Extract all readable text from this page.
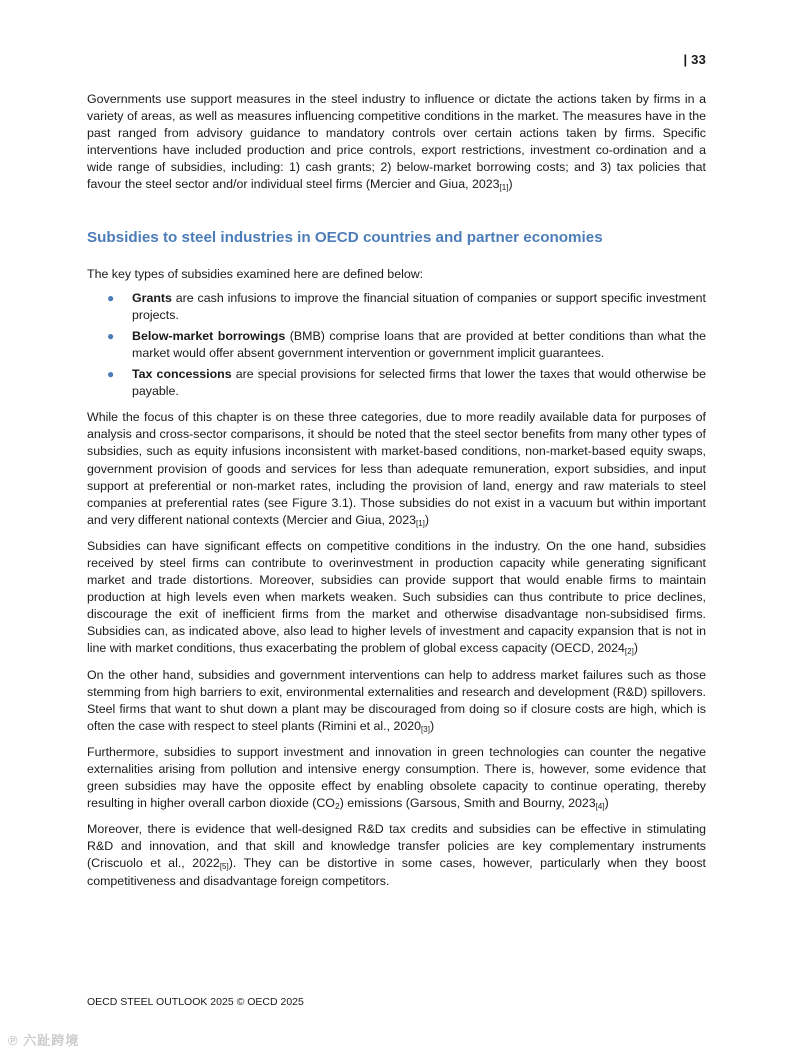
| 33

Governments use support measures in the steel industry to influence or dictate the actions taken by firms in a variety of areas, as well as measures influencing competitive conditions in the market. The measures have in the past ranged from advisory guidance to mandatory controls over certain actions taken by firms. Specific interventions have included production and price controls, export restrictions, investment co-ordination and a wide range of subsidies, including: 1) cash grants; 2) below-market borrowing costs; and 3) tax policies that favour the steel sector and/or individual steel firms (Mercier and Giua, $2023_{[1]}$)

Subsidies to steel industries in OECD countries and partner economies

The key types of subsidies examined here are defined below:

● Grants are cash infusions to improve the financial situation of companies or support specific investment projects.
● Below-market borrowings (BMB) comprise loans that are provided at better conditions than what the market would offer absent government intervention or government implicit guarantees.
● Tax concessions are special provisions for selected firms that lower the taxes that would otherwise be payable.

While the focus of this chapter is on these three categories, due to more readily available data for purposes of analysis and cross-sector comparisons, it should be noted that the steel sector benefits from many other types of subsidies, such as equity infusions inconsistent with market-based conditions, non-market-based equity swaps, government provision of goods and services for less than adequate remuneration, export subsidies, and input support at preferential or non-market rates, including the provision of land, energy and raw materials to steel companies at preferential rates (see Figure 3.1). Those subsidies do not exist in a vacuum but within important and very different national contexts (Mercier and Giua, $2023_{[1]}$)

Subsidies can have significant effects on competitive conditions in the industry. On the one hand, subsidies received by steel firms can contribute to overinvestment in production capacity while generating significant market and trade distortions. Moreover, subsidies can provide support that would enable firms to maintain production at high levels even when markets weaken. Such subsidies can thus contribute to price declines, discourage the exit of inefficient firms from the market and otherwise disadvantage non-subsidised firms. Subsidies can, as indicated above, also lead to higher levels of investment and capacity expansion that is not in line with market conditions, thus exacerbating the problem of global excess capacity (OECD, $2024_{[2]}$)

On the other hand, subsidies and government interventions can help to address market failures such as those stemming from high barriers to exit, environmental externalities and research and development (R&D) spillovers. Steel firms that want to shut down a plant may be discouraged from doing so if closure costs are high, which is often the case with respect to steel plants (Rimini et al., $2020_{[3]}$)

Furthermore, subsidies to support investment and innovation in green technologies can counter the negative externalities arising from pollution and intensive energy consumption. There is, however, some evidence that green subsidies may have the opposite effect by enabling obsolete capacity to continue operating, thereby resulting in higher overall carbon dioxide $(CO_2)$ emissions (Garsous, Smith and Bourny, $2023_{[4]}$)

Moreover, there is evidence that well-designed R&D tax credits and subsidies can be effective in stimulating R&D and innovation, and that skill and knowledge transfer policies are key complementary instruments (Criscuolo et al., $2022_{[5]}$). They can be distortive in some cases, however, particularly when they boost competitiveness and disadvantage foreign competitors.

OECD STEEL OUTLOOK 2025 © OECD 2025
℗ 六趾跨境
